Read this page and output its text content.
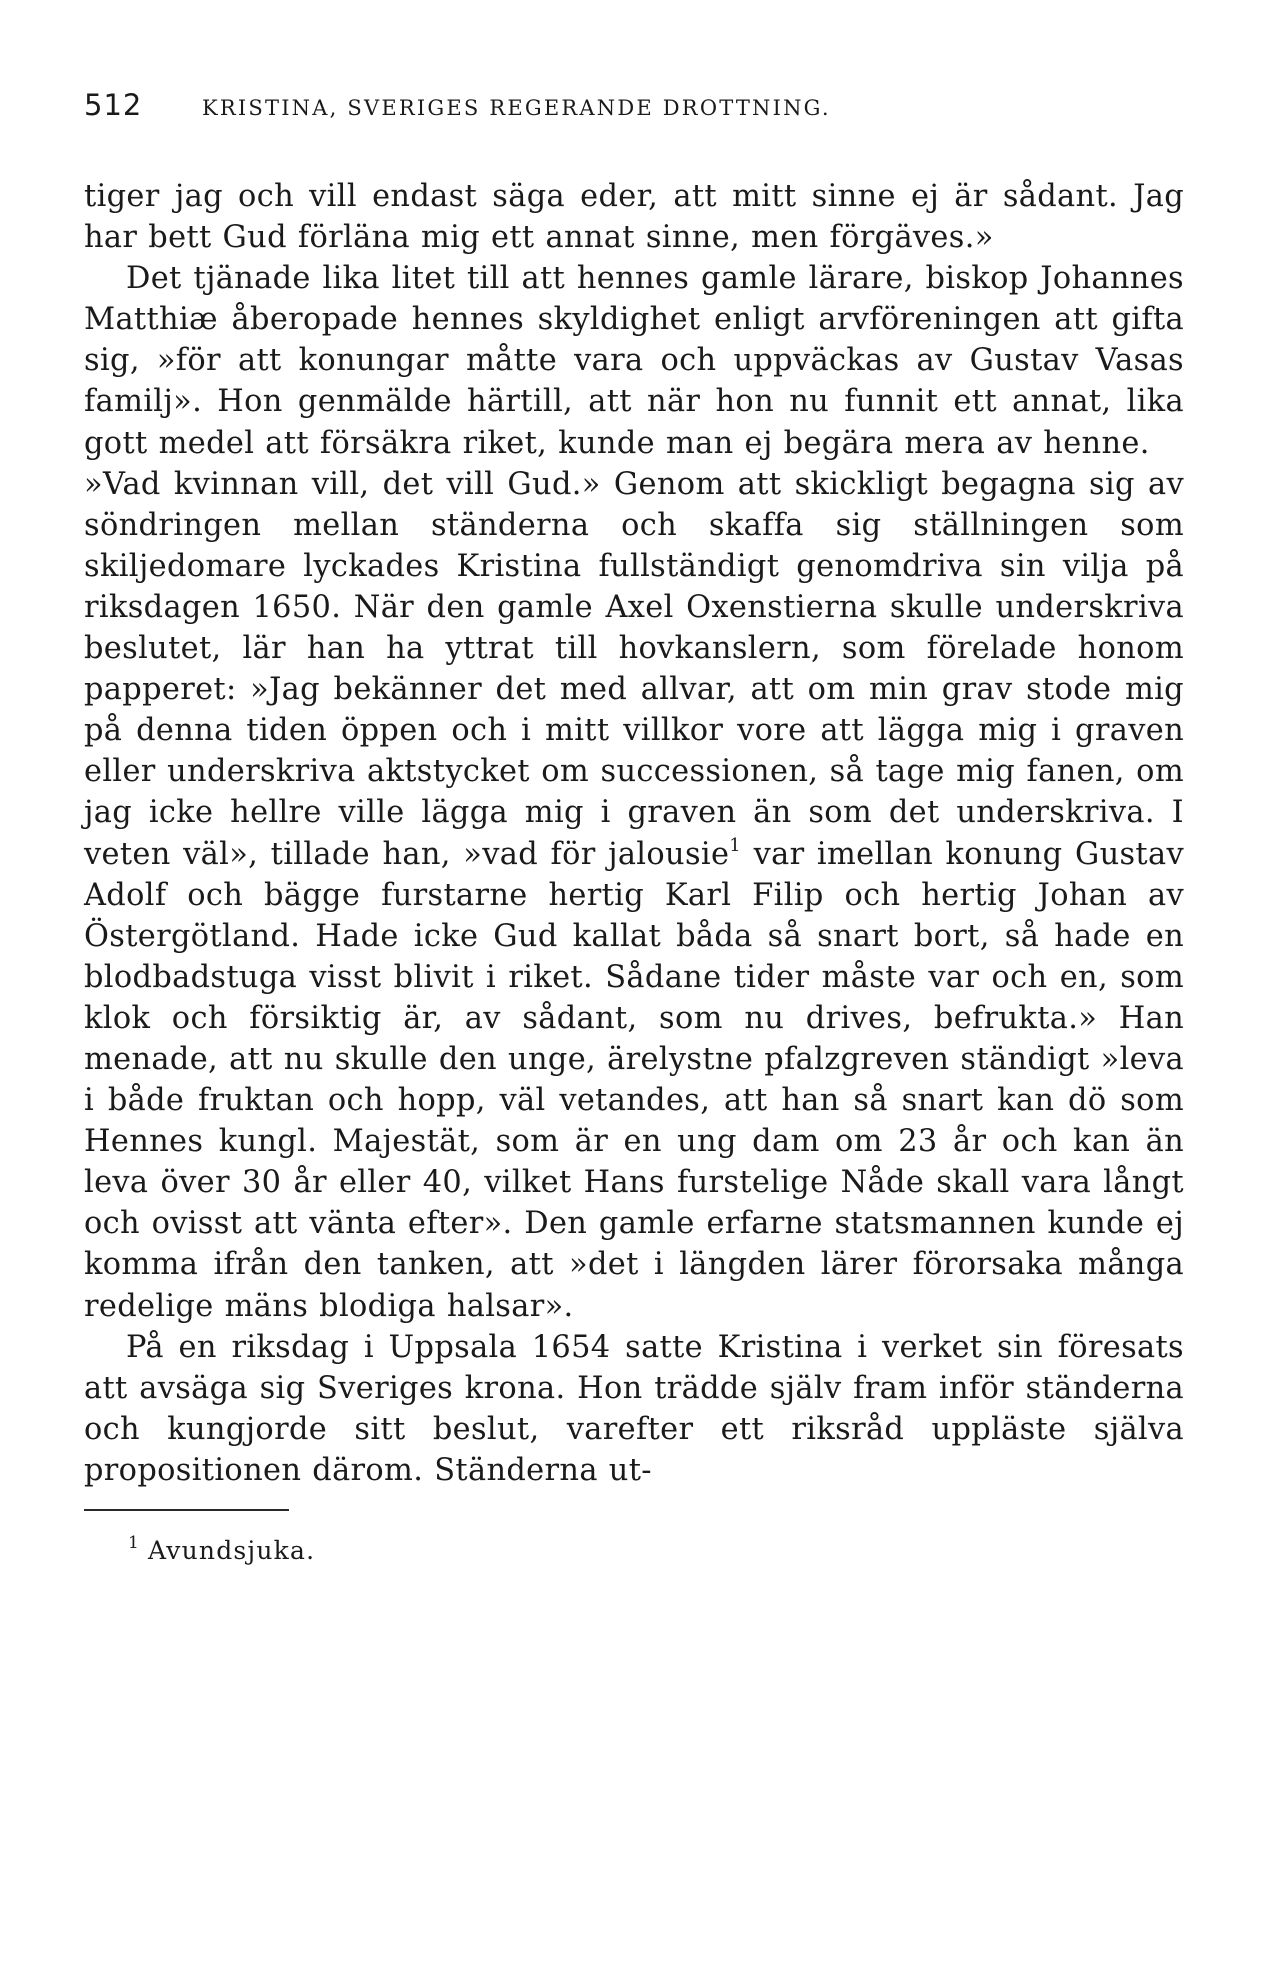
512	KRISTINA, SVERIGES REGERANDE DROTTNING.

tiger jag och vill endast säga eder, att mitt sinne ej är sådant. Jag har bett Gud förläna mig ett annat sinne, men förgäves.»

Det tjänade lika litet till att hennes gamle lärare, biskop Johannes Matthiæ åberopade hennes skyldighet enligt arvföreningen att gifta sig, »för att konungar måtte vara och uppväckas av Gustav Vasas familj». Hon genmälde härtill, att när hon nu funnit ett annat, lika gott medel att försäkra riket, kunde man ej begära mera av henne.

»Vad kvinnan vill, det vill Gud.» Genom att skickligt begagna sig av söndringen mellan ständerna och skaffa sig ställningen som skiljedomare lyckades Kristina fullständigt genomdriva sin vilja på riksdagen 1650. När den gamle Axel Oxenstierna skulle underskriva beslutet, lär han ha yttrat till hovkanslern, som förelade honom papperet: »Jag bekänner det med allvar, att om min grav stode mig på denna tiden öppen och i mitt villkor vore att lägga mig i graven eller underskriva aktstycket om successionen, så tage mig fanen, om jag icke hellre ville lägga mig i graven än som det underskriva. I veten väl», tillade han, »vad för jalousie$^1$ var imellan konung Gustav Adolf och bägge furstarne hertig Karl Filip och hertig Johan av Östergötland. Hade icke Gud kallat båda så snart bort, så hade en blodbadstuga visst blivit i riket. Sådane tider måste var och en, som klok och försiktig är, av sådant, som nu drives, befrukta.» Han menade, att nu skulle den unge, ärelystne pfalzgreven ständigt »leva i både fruktan och hopp, väl vetandes, att han så snart kan dö som Hennes kungl. Majestät, som är en ung dam om 23 år och kan än leva över 30 år eller 40, vilket Hans furstelige Nåde skall vara långt och ovisst att vänta efter». Den gamle erfarne statsmannen kunde ej komma ifrån den tanken, att »det i längden lärer förorsaka många redelige mäns blodiga halsar».

På en riksdag i Uppsala 1654 satte Kristina i verket sin föresats att avsäga sig Sveriges krona. Hon trädde själv fram inför ständerna och kungjorde sitt beslut, varefter ett riksråd uppläste själva propositionen därom. Ständerna ut-

$^1$ Avundsjuka.
